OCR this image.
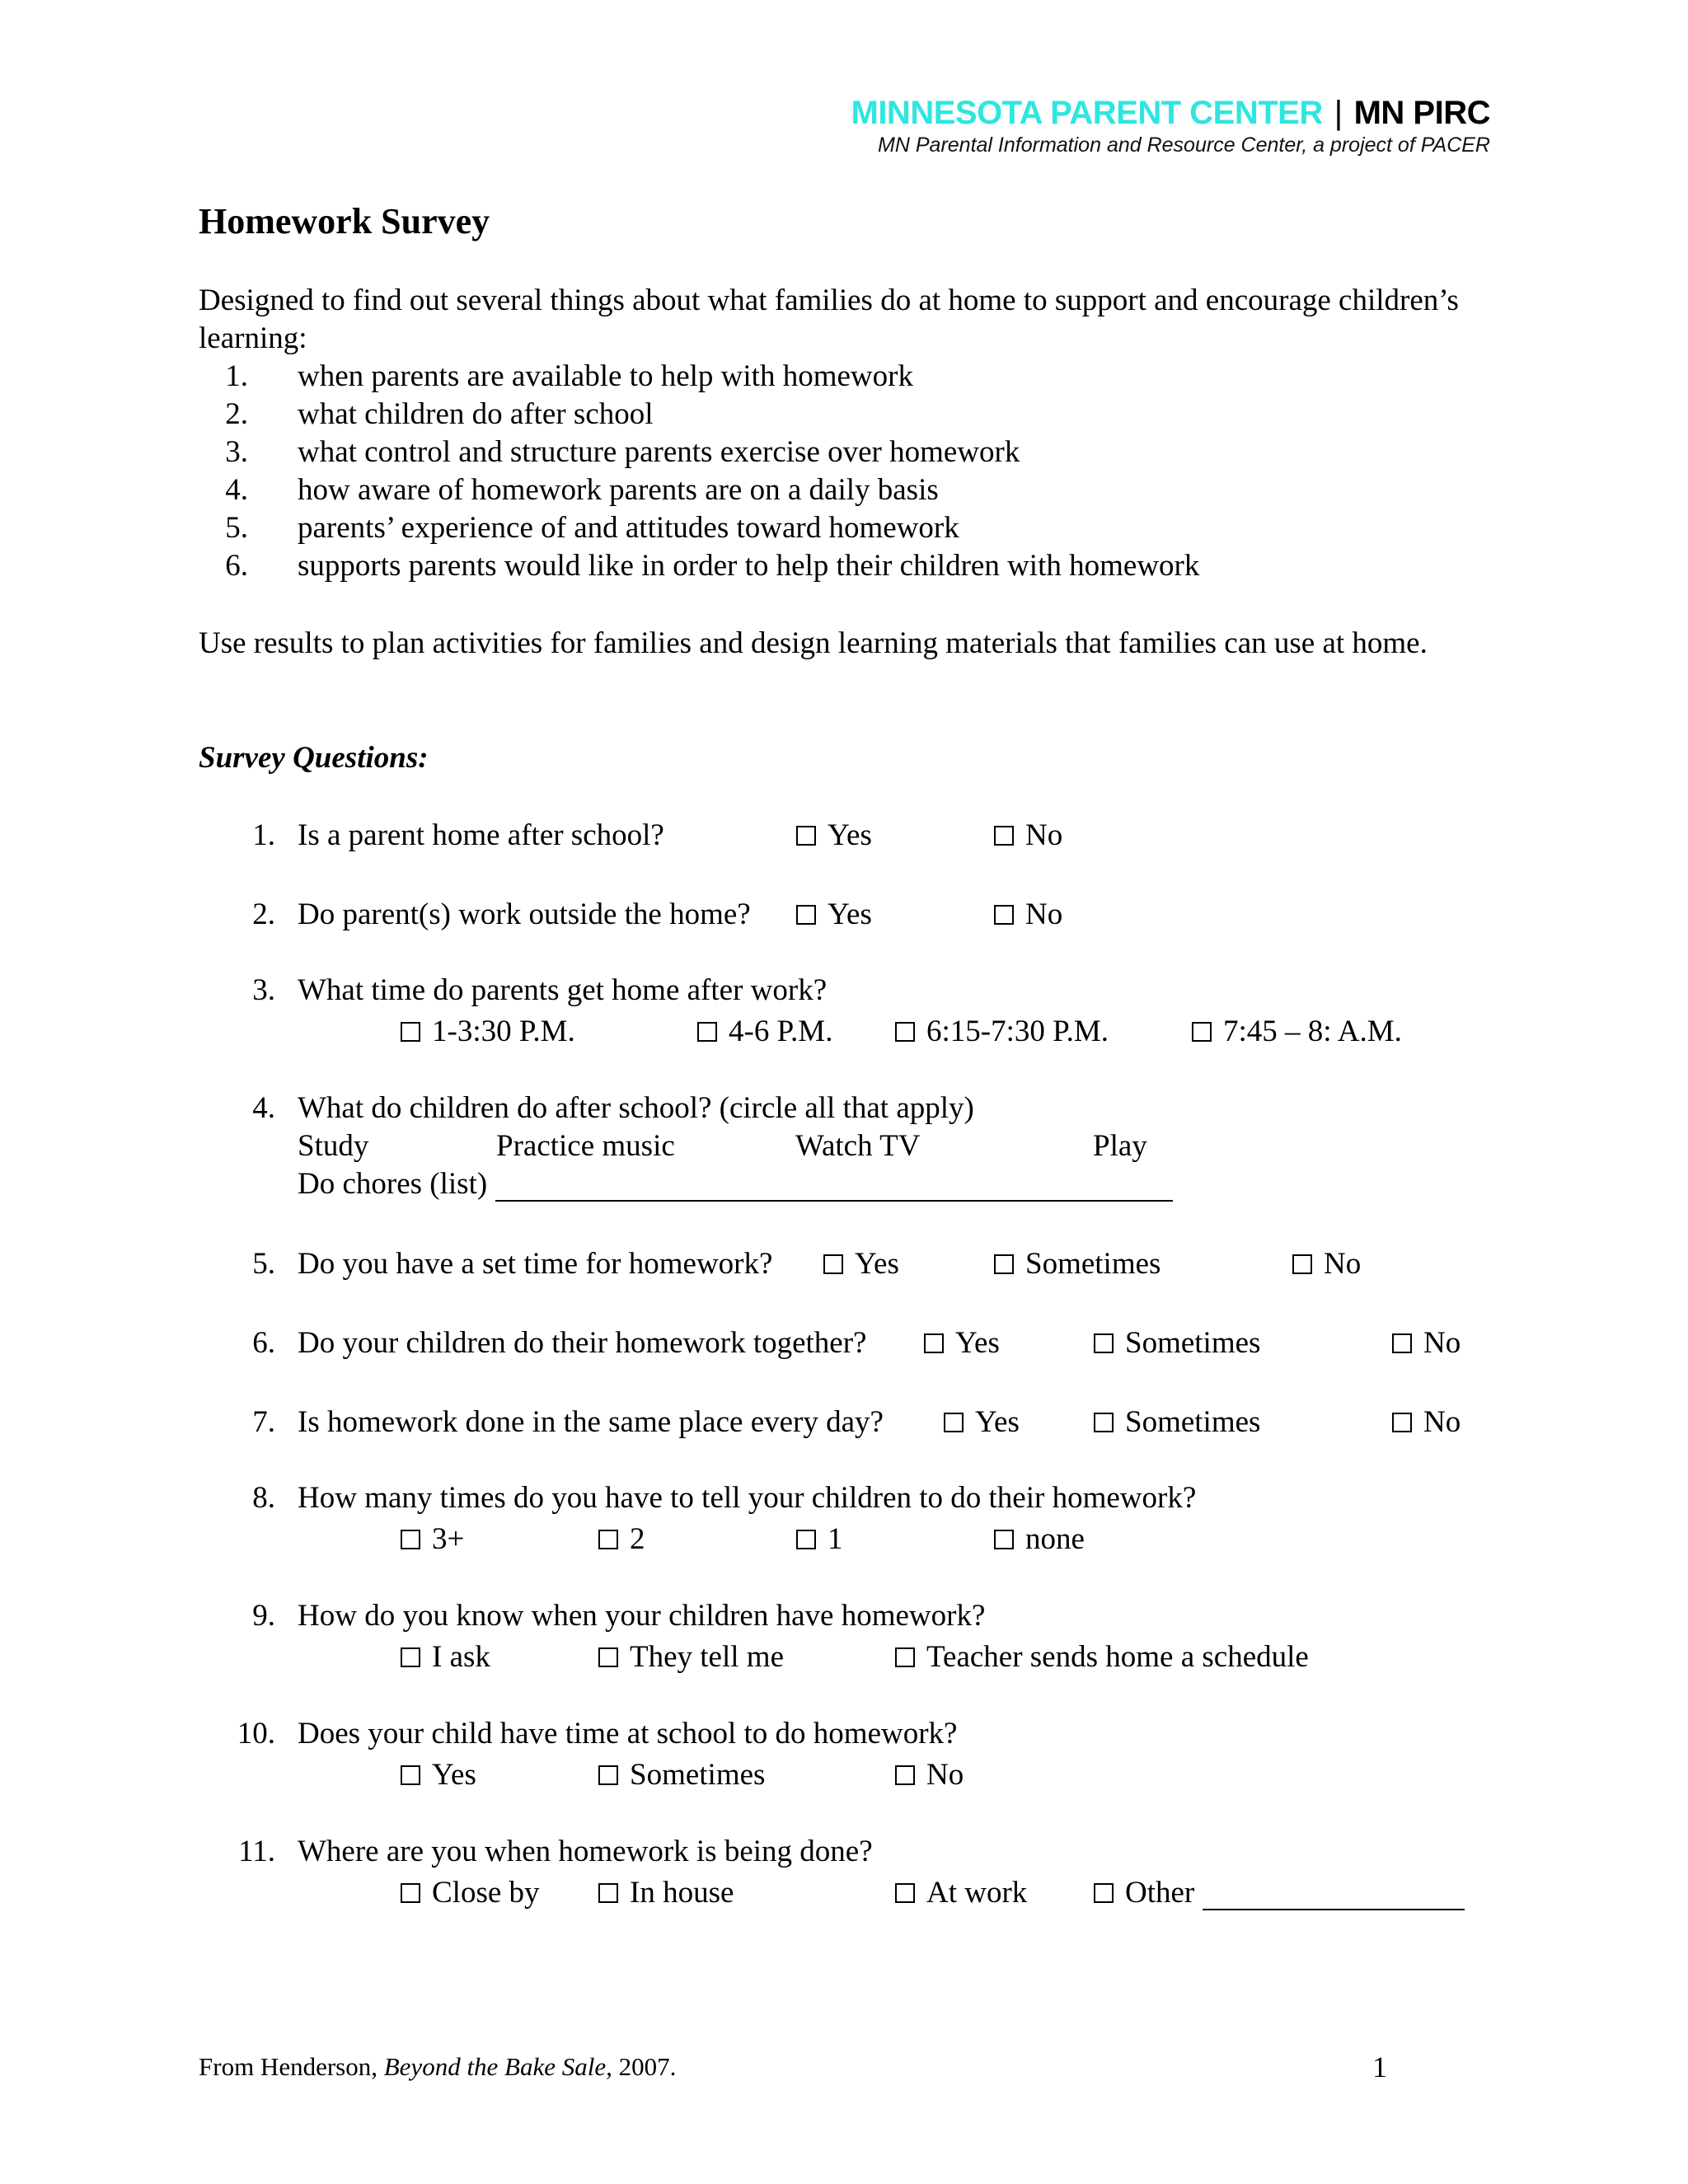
MINNESOTA PARENT CENTER | MN PIRC
MN Parental Information and Resource Center, a project of PACER
Homework Survey
Designed to find out several things about what families do at home to support and encourage children’s learning:
1. when parents are available to help with homework
2. what children do after school
3. what control and structure parents exercise over homework
4. how aware of homework parents are on a daily basis
5. parents’ experience of and attitudes toward homework
6. supports parents would like in order to help their children with homework
Use results to plan activities for families and design learning materials that families can use at home.
Survey Questions:
1. Is a parent home after school?	Yes	No
2. Do parent(s) work outside the home?	Yes	No
3. What time do parents get home after work?
1-3:30 P.M.	4-6 P.M.	6:15-7:30 P.M.	7:45 – 8: A.M.
4. What do children do after school? (circle all that apply)
Study	Practice music	Watch TV	Play
Do chores (list)
5. Do you have a set time for homework?	Yes	Sometimes	No
6. Do your children do their homework together?	Yes	Sometimes	No
7. Is homework done in the same place every day?	Yes	Sometimes	No
8. How many times do you have to tell your children to do their homework?
3+	2	1	none
9. How do you know when your children have homework?
I ask	They tell me	Teacher sends home a schedule
10. Does your child have time at school to do homework?
Yes	Sometimes	No
11. Where are you when homework is being done?
Close by	In house	At work	Other
From Henderson, Beyond the Bake Sale, 2007.	1
